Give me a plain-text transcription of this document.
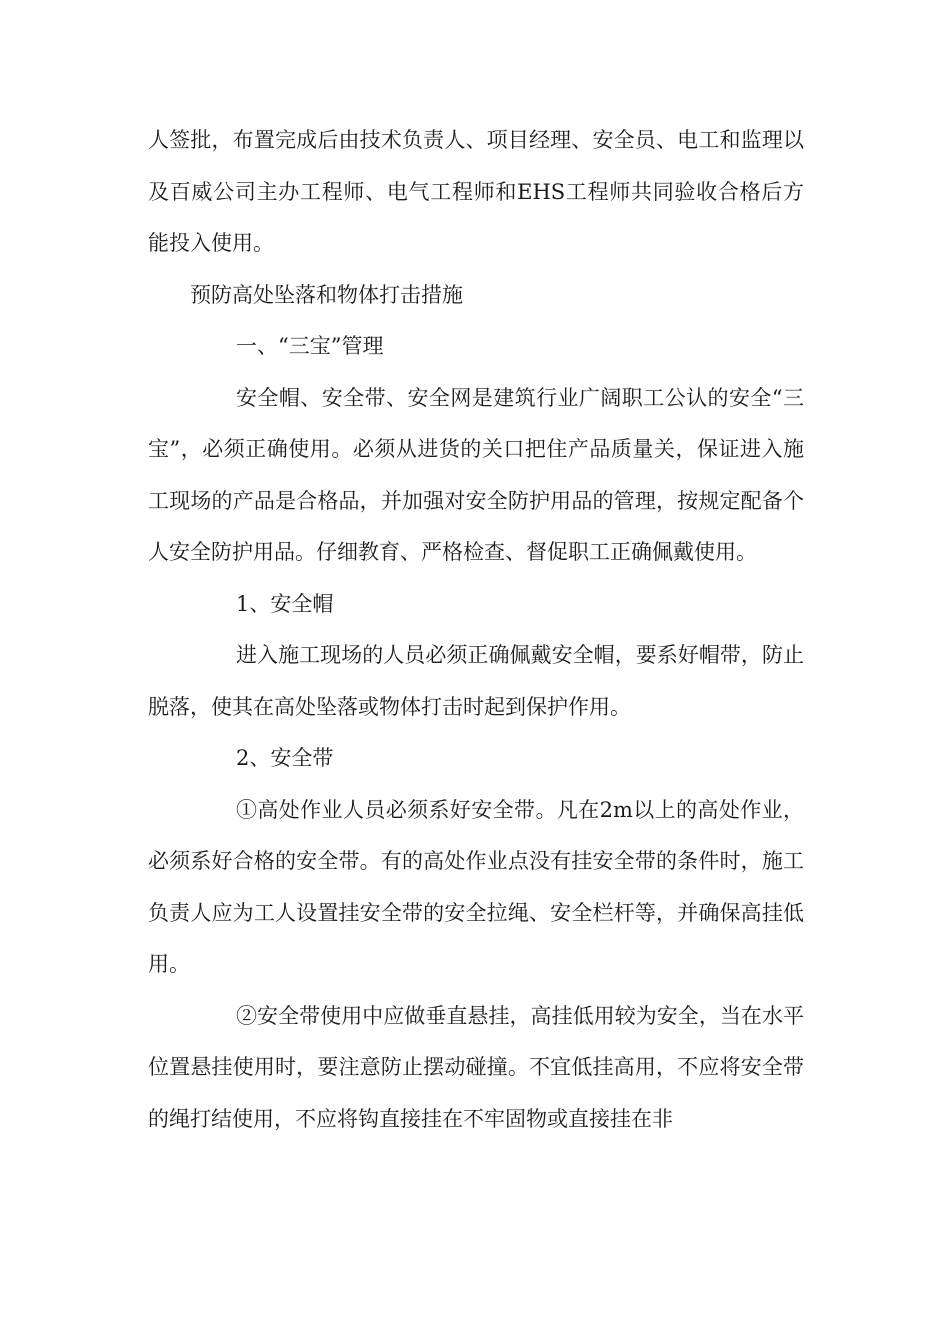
人签批，布置完成后由技术负责人、项目经理、安全员、电工和监理以及百威公司主办工程师、电气工程师和EHS工程师共同验收合格后方能投入使用。

预防高处坠落和物体打击措施

一、“三宝”管理

安全帽、安全带、安全网是建筑行业广阔职工公认的安全“三宝”，必须正确使用。必须从进货的关口把住产品质量关，保证进入施工现场的产品是合格品，并加强对安全防护用品的管理，按规定配备个人安全防护用品。仔细教育、严格检查、督促职工正确佩戴使用。

1、安全帽

进入施工现场的人员必须正确佩戴安全帽，要系好帽带，防止脱落，使其在高处坠落或物体打击时起到保护作用。

2、安全带

①高处作业人员必须系好安全带。凡在2m以上的高处作业，必须系好合格的安全带。有的高处作业点没有挂安全带的条件时，施工负责人应为工人设置挂安全带的安全拉绳、安全栏杆等，并确保高挂低用。

②安全带使用中应做垂直悬挂，高挂低用较为安全，当在水平位置悬挂使用时，要注意防止摆动碰撞。不宜低挂高用，不应将安全带的绳打结使用，不应将钩直接挂在不牢固物或直接挂在非
